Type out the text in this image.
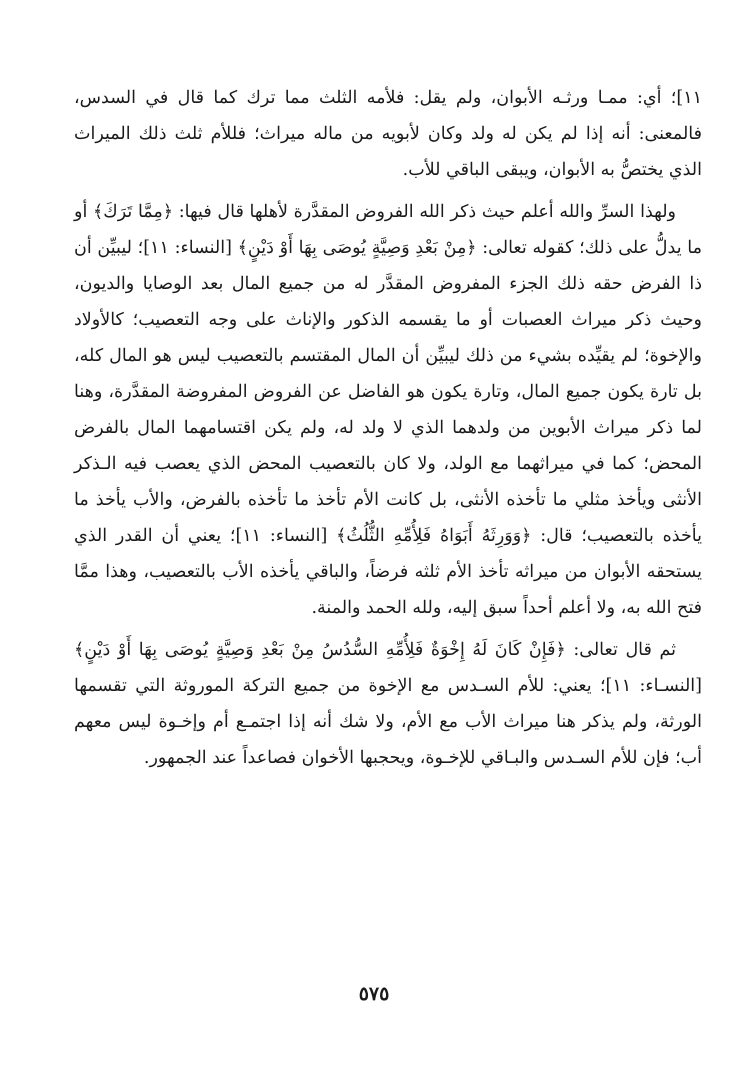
١١]؛ أي: ممـا ورثـه الأبوان، ولم يقل: فلأمه الثلث مما ترك كما قال في السدس، فالمعنى: أنه إذا لم يكن له ولد وكان لأبويه من ماله ميراث؛ فللأم ثلث ذلك الميراث الذي يختصُّ به الأبوان، ويبقى الباقي للأب.

ولهذا السرِّ والله أعلم حيث ذكر الله الفروض المقدَّرة لأهلها قال فيها: ﴿مِمَّا تَرَكَ﴾ أو ما يدلُّ على ذلك؛ كقوله تعالى: ﴿مِنْ بَعْدِ وَصِيَّةٍ يُوصَى بِهَا أَوْ دَيْنٍ﴾ [النساء: ١١]؛ ليبيِّن أن ذا الفرض حقه ذلك الجزء المفروض المقدَّر له من جميع المال بعد الوصايا والديون، وحيث ذكر ميراث العصبات أو ما يقسمه الذكور والإناث على وجه التعصيب؛ كالأولاد والإخوة؛ لم يقيِّده بشيء من ذلك ليبيِّن أن المال المقتسم بالتعصيب ليس هو المال كله، بل تارة يكون جميع المال، وتارة يكون هو الفاضل عن الفروض المفروضة المقدَّرة، وهنا لما ذكر ميراث الأبوين من ولدهما الذي لا ولد له، ولم يكن اقتسامهما المال بالفرض المحض؛ كما في ميراثهما مع الولد، ولا كان بالتعصيب المحض الذي يعصب فيه الـذكر الأنثى ويأخذ مثلي ما تأخذه الأنثى، بل كانت الأم تأخذ ما تأخذه بالفرض، والأب يأخذ ما يأخذه بالتعصيب؛ قال: ﴿وَوَرِثَهُ أَبَوَاهُ فَلِأُمِّهِ الثُّلُثُ﴾ [النساء: ١١]؛ يعني أن القدر الذي يستحقه الأبوان من ميراثه تأخذ الأم ثلثه فرضاً، والباقي يأخذه الأب بالتعصيب، وهذا ممَّا فتح الله به، ولا أعلم أحداً سبق إليه، ولله الحمد والمنة.

ثم قال تعالى: ﴿فَإِنْ كَانَ لَهُ إِخْوَةٌ فَلِأُمِّهِ السُّدُسُ مِنْ بَعْدِ وَصِيَّةٍ يُوصَى بِهَا أَوْ دَيْنٍ﴾ [النسـاء: ١١]؛ يعني: للأم السـدس مع الإخوة من جميع التركة الموروثة التي تقسمها الورثة، ولم يذكر هنا ميراث الأب مع الأم، ولا شك أنه إذا اجتمـع أم وإخـوة ليس معهم أب؛ فإن للأم السـدس والبـاقي للإخـوة، ويحجبها الأخوان فصاعداً عند الجمهور.

٥٧٥
